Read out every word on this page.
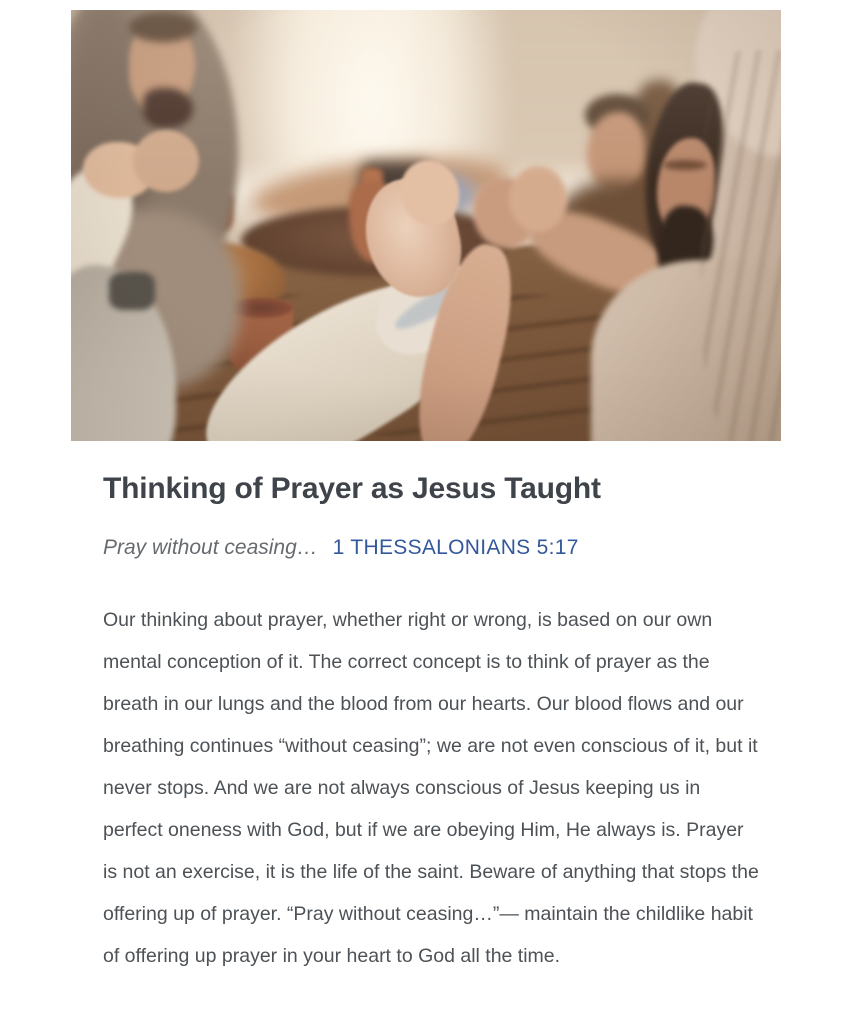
Thinking of Prayer as Jesus Taught

Pray without ceasing… 1 THESSALONIANS 5:17

Our thinking about prayer, whether right or wrong, is based on our own mental conception of it. The correct concept is to think of prayer as the breath in our lungs and the blood from our hearts. Our blood flows and our breathing continues “without ceasing”; we are not even conscious of it, but it never stops. And we are not always conscious of Jesus keeping us in perfect oneness with God, but if we are obeying Him, He always is. Prayer is not an exercise, it is the life of the saint. Beware of anything that stops the offering up of prayer. “Pray without ceasing…”— maintain the childlike habit of offering up prayer in your heart to God all the time.
